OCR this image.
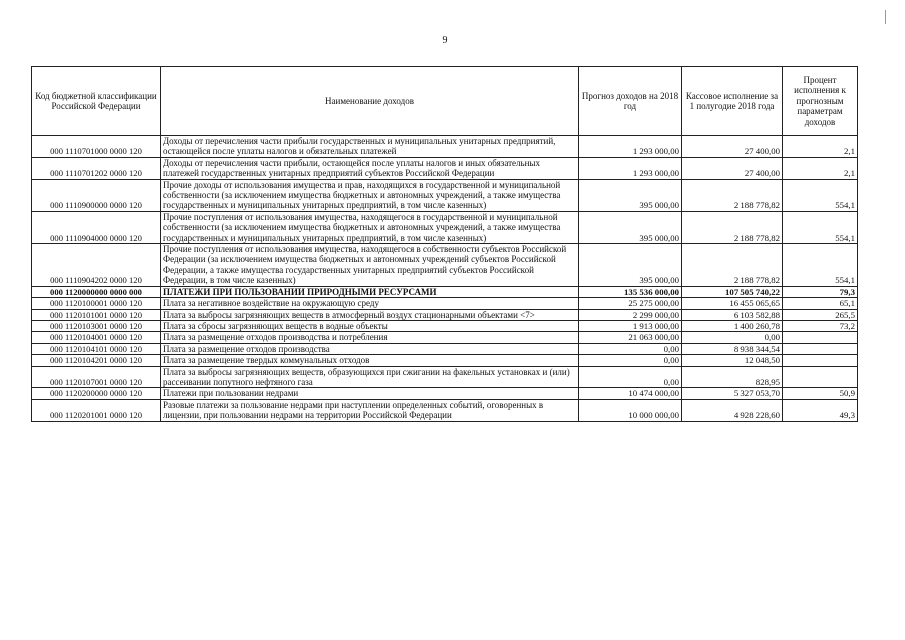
9
Код бюджетной классификации Российской Федерации	Наименование доходов	Прогноз доходов на 2018 год	Кассовое исполнение за 1 полугодие 2018 года	Процент исполнения к прогнозным параметрам доходов
000 1110701000 0000 120	Доходы от перечисления части прибыли государственных и муниципальных унитарных предприятий, остающейся после уплаты налогов и обязательных платежей	1 293 000,00	27 400,00	2,1
000 1110701202 0000 120	Доходы от перечисления части прибыли, остающейся после уплаты налогов и иных обязательных платежей государственных унитарных предприятий субъектов Российской Федерации	1 293 000,00	27 400,00	2,1
000 1110900000 0000 120	Прочие доходы от использования имущества и прав, находящихся в государственной и муниципальной собственности (за исключением имущества бюджетных и автономных учреждений, а также имущества государственных и муниципальных унитарных предприятий, в том числе казенных)	395 000,00	2 188 778,82	554,1
000 1110904000 0000 120	Прочие поступления от использования имущества, находящегося в государственной и муниципальной собственности (за исключением имущества бюджетных и автономных учреждений, а также имущества государственных и муниципальных унитарных предприятий, в том числе казенных)	395 000,00	2 188 778,82	554,1
000 1110904202 0000 120	Прочие поступления от использования имущества, находящегося в собственности субъектов Российской Федерации (за исключением имущества бюджетных и автономных учреждений субъектов Российской Федерации, а также имущества государственных унитарных предприятий субъектов Российской Федерации, в том числе казенных)	395 000,00	2 188 778,82	554,1
000 1120000000 0000 000	ПЛАТЕЖИ ПРИ ПОЛЬЗОВАНИИ ПРИРОДНЫМИ РЕСУРСАМИ	135 536 000,00	107 505 740,22	79,3
000 1120100001 0000 120	Плата за негативное воздействие на окружающую среду	25 275 000,00	16 455 065,65	65,1
000 1120101001 0000 120	Плата за выбросы загрязняющих веществ в атмосферный воздух стационарными объектами <7>	2 299 000,00	6 103 582,88	265,5
000 1120103001 0000 120	Плата за сбросы загрязняющих веществ в водные объекты	1 913 000,00	1 400 260,78	73,2
000 1120104001 0000 120	Плата за размещение отходов производства и потребления	21 063 000,00	0,00	
000 1120104101 0000 120	Плата за размещение отходов производства	0,00	8 938 344,54	
000 1120104201 0000 120	Плата за размещение твердых коммунальных отходов	0,00	12 048,50	
000 1120107001 0000 120	Плата за выбросы загрязняющих веществ, образующихся при сжигании на факельных установках и (или) рассеивании попутного нефтяного газа	0,00	828,95	
000 1120200000 0000 120	Платежи при пользовании недрами	10 474 000,00	5 327 053,70	50,9
000 1120201001 0000 120	Разовые платежи за пользование недрами при наступлении определенных событий, оговоренных в лицензии, при пользовании недрами на территории Российской Федерации	10 000 000,00	4 928 228,60	49,3
